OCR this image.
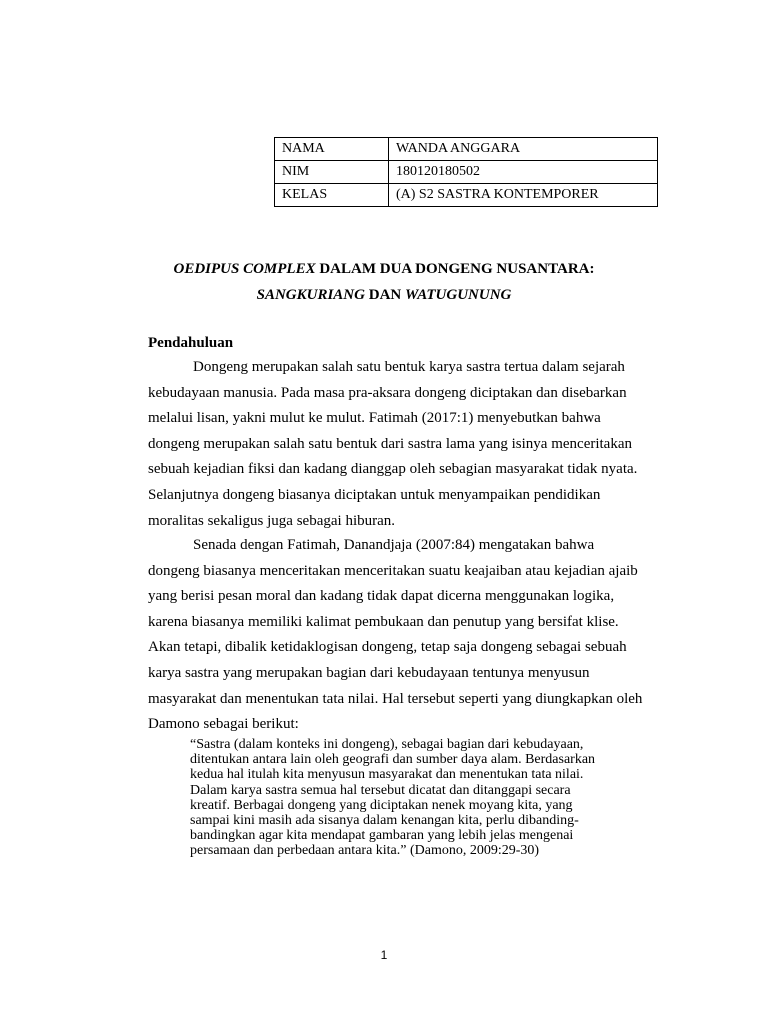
NAMA	WANDA ANGGARA
NIM	180120180502
KELAS	(A) S2 SASTRA KONTEMPORER
OEDIPUS COMPLEX DALAM DUA DONGENG NUSANTARA:
SANGKURIANG DAN WATUGUNUNG
Pendahuluan

Dongeng merupakan salah satu bentuk karya sastra tertua dalam sejarah
kebudayaan manusia. Pada masa pra-aksara dongeng diciptakan dan disebarkan
melalui lisan, yakni mulut ke mulut. Fatimah (2017:1) menyebutkan bahwa
dongeng merupakan salah satu bentuk dari sastra lama yang isinya menceritakan
sebuah kejadian fiksi dan kadang dianggap oleh sebagian masyarakat tidak nyata.
Selanjutnya dongeng biasanya diciptakan untuk menyampaikan pendidikan
moralitas sekaligus juga sebagai hiburan.

Senada dengan Fatimah, Danandjaja (2007:84) mengatakan bahwa
dongeng biasanya menceritakan menceritakan suatu keajaiban atau kejadian ajaib
yang berisi pesan moral dan kadang tidak dapat dicerna menggunakan logika,
karena biasanya memiliki kalimat pembukaan dan penutup yang bersifat klise.
Akan tetapi, dibalik ketidaklogisan dongeng, tetap saja dongeng sebagai sebuah
karya sastra yang merupakan bagian dari kebudayaan tentunya menyusun
masyarakat dan menentukan tata nilai. Hal tersebut seperti yang diungkapkan oleh
Damono sebagai berikut:

“Sastra (dalam konteks ini dongeng), sebagai bagian dari kebudayaan,
ditentukan antara lain oleh geografi dan sumber daya alam. Berdasarkan
kedua hal itulah kita menyusun masyarakat dan menentukan tata nilai.
Dalam karya sastra semua hal tersebut dicatat dan ditanggapi secara
kreatif. Berbagai dongeng yang diciptakan nenek moyang kita, yang
sampai kini masih ada sisanya dalam kenangan kita, perlu dibanding-
bandingkan agar kita mendapat gambaran yang lebih jelas mengenai
persamaan dan perbedaan antara kita.” (Damono, 2009:29-30)
1
